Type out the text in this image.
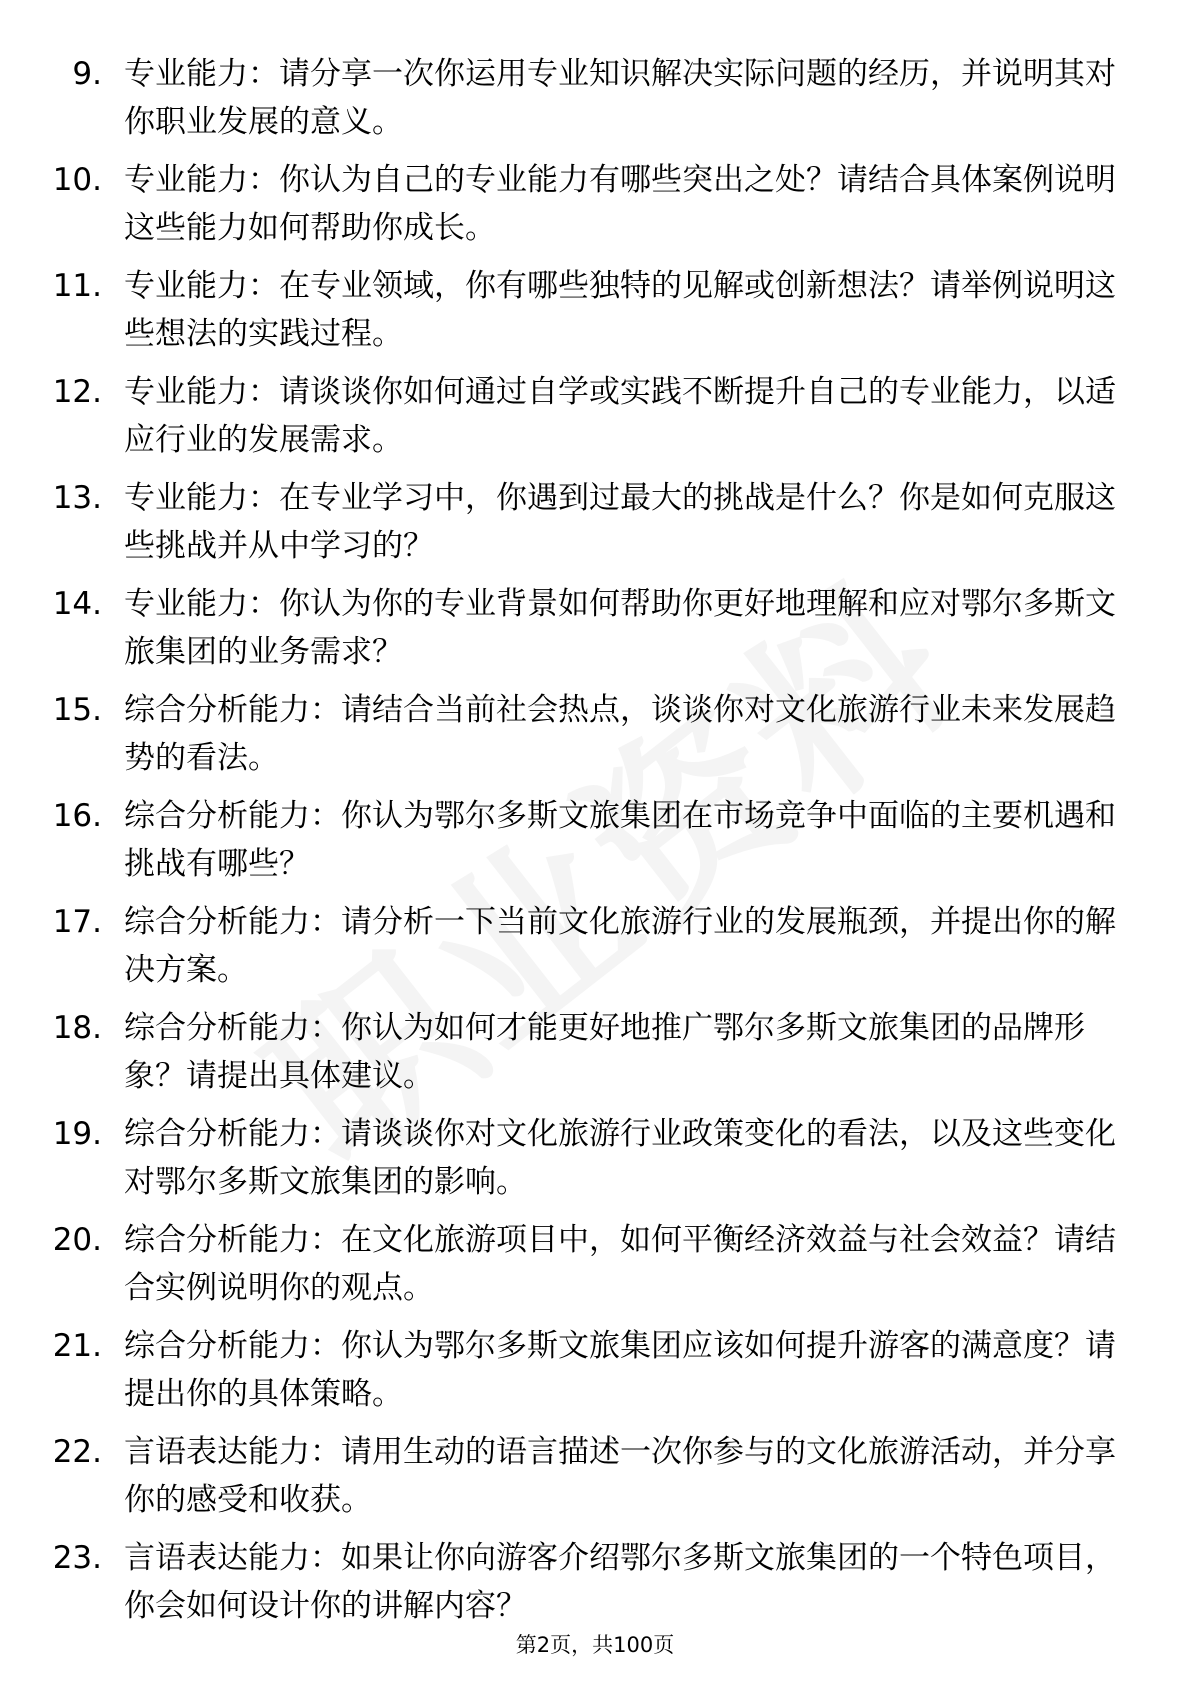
9. 专业能力：请分享一次你运用专业知识解决实际问题的经历，并说明其对你职业发展的意义。
10. 专业能力：你认为自己的专业能力有哪些突出之处？请结合具体案例说明这些能力如何帮助你成长。
11. 专业能力：在专业领域，你有哪些独特的见解或创新想法？请举例说明这些想法的实践过程。
12. 专业能力：请谈谈你如何通过自学或实践不断提升自己的专业能力，以适应行业的发展需求。
13. 专业能力：在专业学习中，你遇到过最大的挑战是什么？你是如何克服这些挑战并从中学习的？
14. 专业能力：你认为你的专业背景如何帮助你更好地理解和应对鄂尔多斯文旅集团的业务需求？
15. 综合分析能力：请结合当前社会热点，谈谈你对文化旅游行业未来发展趋势的看法。
16. 综合分析能力：你认为鄂尔多斯文旅集团在市场竞争中面临的主要机遇和挑战有哪些？
17. 综合分析能力：请分析一下当前文化旅游行业的发展瓶颈，并提出你的解决方案。
18. 综合分析能力：你认为如何才能更好地推广鄂尔多斯文旅集团的品牌形象？请提出具体建议。
19. 综合分析能力：请谈谈你对文化旅游行业政策变化的看法，以及这些变化对鄂尔多斯文旅集团的影响。
20. 综合分析能力：在文化旅游项目中，如何平衡经济效益与社会效益？请结合实例说明你的观点。
21. 综合分析能力：你认为鄂尔多斯文旅集团应该如何提升游客的满意度？请提出你的具体策略。
22. 言语表达能力：请用生动的语言描述一次你参与的文化旅游活动，并分享你的感受和收获。
23. 言语表达能力：如果让你向游客介绍鄂尔多斯文旅集团的一个特色项目，你会如何设计你的讲解内容？
第2页，共100页
